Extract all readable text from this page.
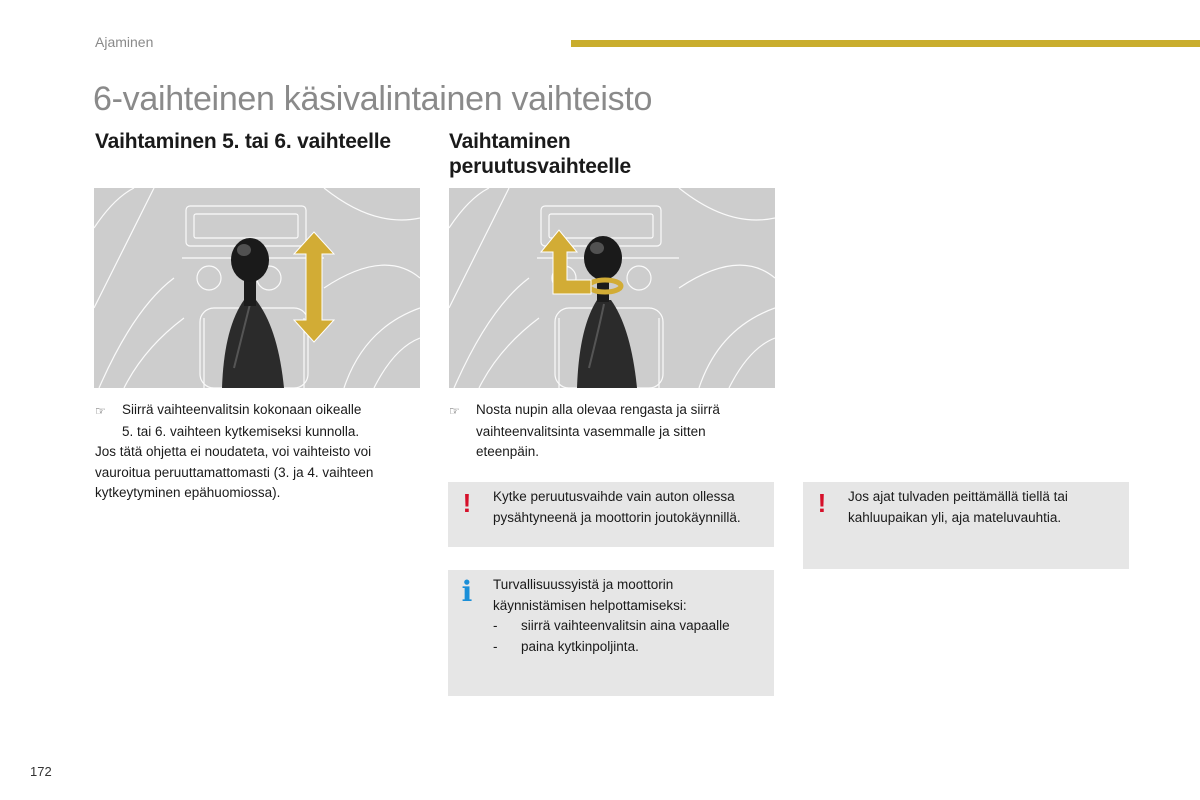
Ajaminen
6-vaihteinen käsivalintainen vaihteisto
Vaihtaminen 5. tai 6. vaihteelle
☞	Siirrä vaihteenvalitsin kokonaan oikealle
5. tai 6. vaihteen kytkemiseksi kunnolla.
Jos tätä ohjetta ei noudateta, voi vaihteisto voi
vauroitua peruuttamattomasti (3. ja 4. vaihteen
kytkeytyminen epähuomiossa).
Vaihtaminen
peruutusvaihteelle
☞	Nosta nupin alla olevaa rengasta ja siirrä
vaihteenvalitsinta vasemmalle ja sitten
eteenpäin.
! Kytke peruutusvaihde vain auton ollessa
pysähtyneenä ja moottorin joutokäynnillä.	! Jos ajat tulvaden peittämällä tiellä tai
kahluupaikan yli, aja mateluvauhtia.
i Turvallisuussyistä ja moottorin
käynnistämisen helpottamiseksi:
-	siirrä vaihteenvalitsin aina vapaalle
-	paina kytkinpoljinta.
172
